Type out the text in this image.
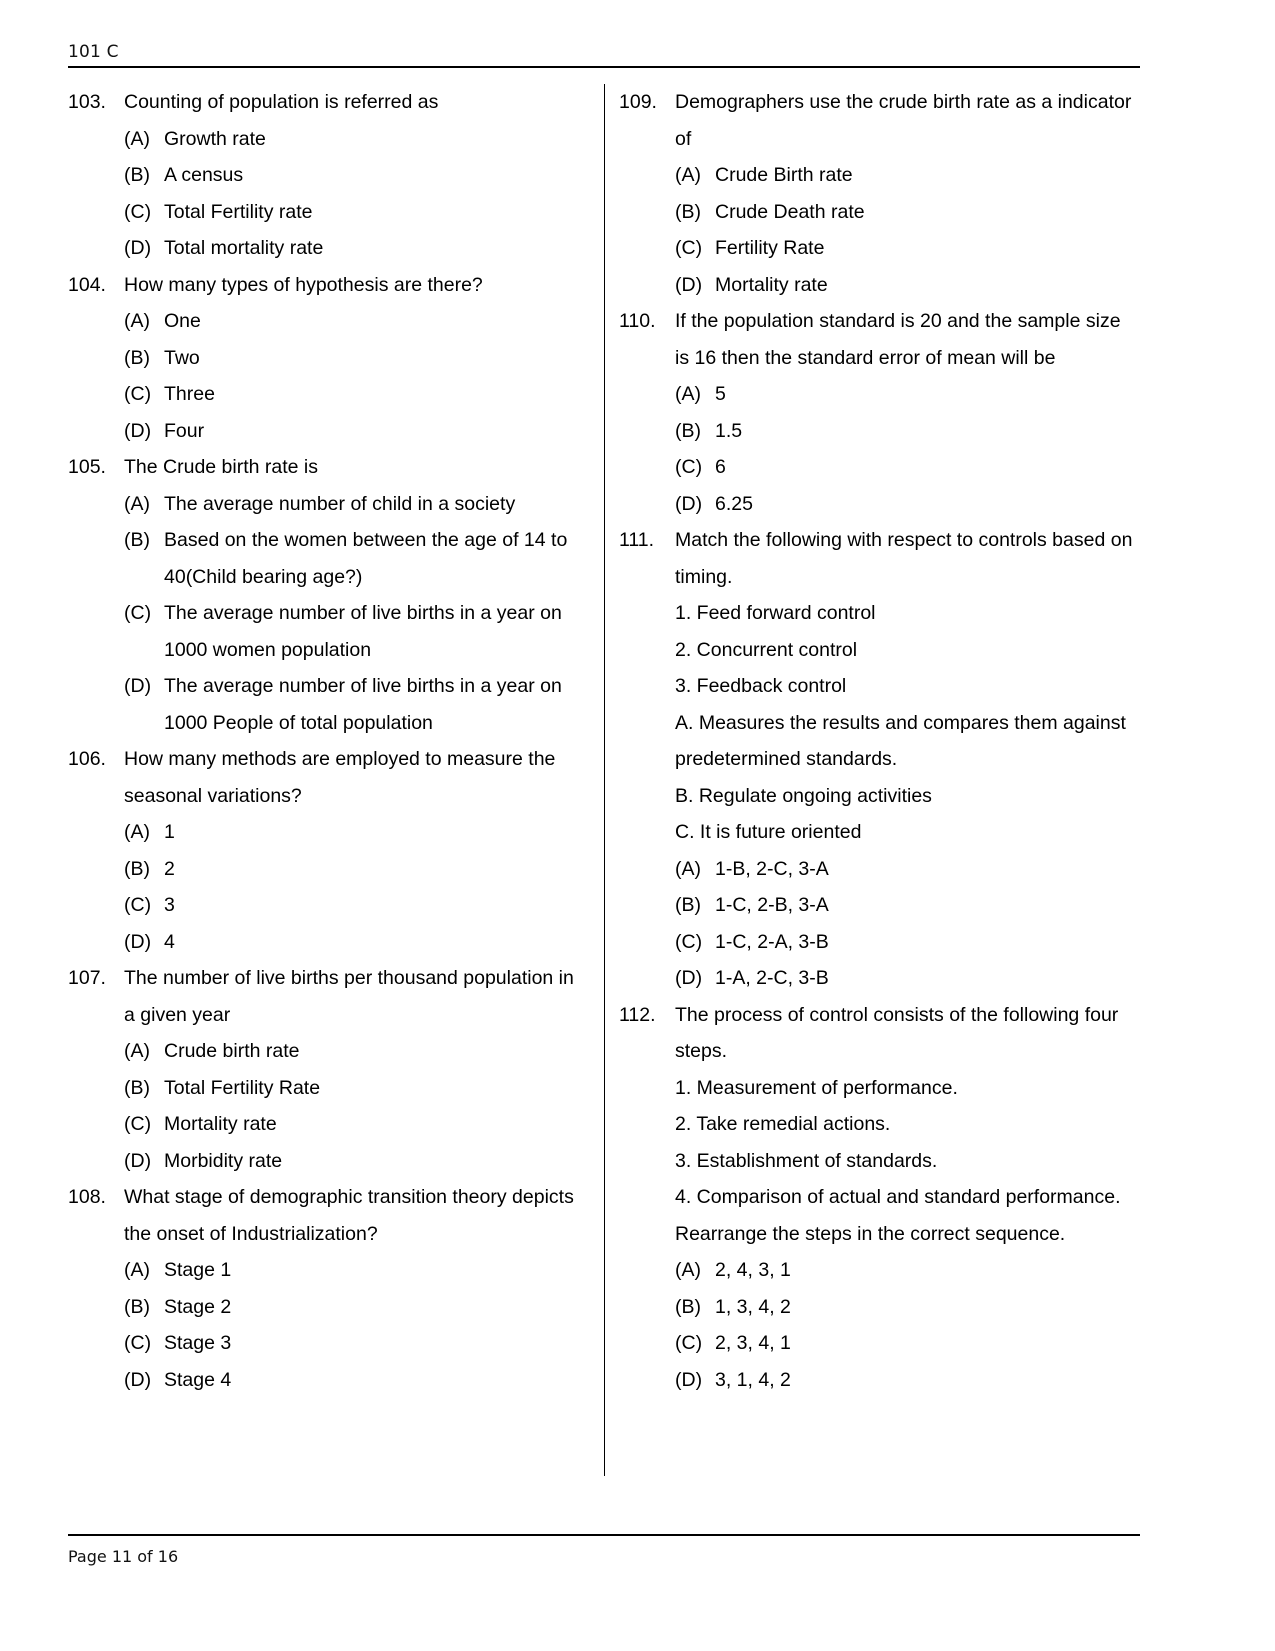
101 C
103. Counting of population is referred as
(A) Growth rate
(B) A census
(C) Total Fertility rate
(D) Total mortality rate
104. How many types of hypothesis are there?
(A) One
(B) Two
(C) Three
(D) Four
105. The Crude birth rate is
(A) The average number of child in a society
(B) Based on the women between the age of 14 to
40(Child bearing age?)
(C) The average number of live births in a year on
1000 women population
(D) The average number of live births in a year on
1000 People of total population
106. How many methods are employed to measure the
seasonal variations?
(A) 1
(B) 2
(C) 3
(D) 4
107. The number of live births per thousand population in
a given year
(A) Crude birth rate
(B) Total Fertility Rate
(C) Mortality rate
(D) Morbidity rate
108. What stage of demographic transition theory depicts
the onset of Industrialization?
(A) Stage 1
(B) Stage 2
(C) Stage 3
(D) Stage 4
109. Demographers use the crude birth rate as a indicator
of
(A) Crude Birth rate
(B) Crude Death rate
(C) Fertility Rate
(D) Mortality rate
110. If the population standard is 20 and the sample size
is 16 then the standard error of mean will be
(A) 5
(B) 1.5
(C) 6
(D) 6.25
111.	Match the following with respect to controls based on
timing.
1. Feed forward control
2. Concurrent control
3. Feedback control
A. Measures the results and compares them against
predetermined standards.
B. Regulate ongoing activities
C. It is future oriented
(A) 1-B, 2-C, 3-A
(B) 1-C, 2-B, 3-A
(C) 1-C, 2-A, 3-B
(D) 1-A, 2-C, 3-B
112. The process of control consists of the following four
steps.
1. Measurement of performance.
2. Take remedial actions.
3. Establishment of standards.
4. Comparison of actual and standard performance.
Rearrange the steps in the correct sequence.
(A) 2, 4, 3, 1
(B) 1, 3, 4, 2
(C) 2, 3, 4, 1
(D) 3, 1, 4, 2
Page 11 of 16
